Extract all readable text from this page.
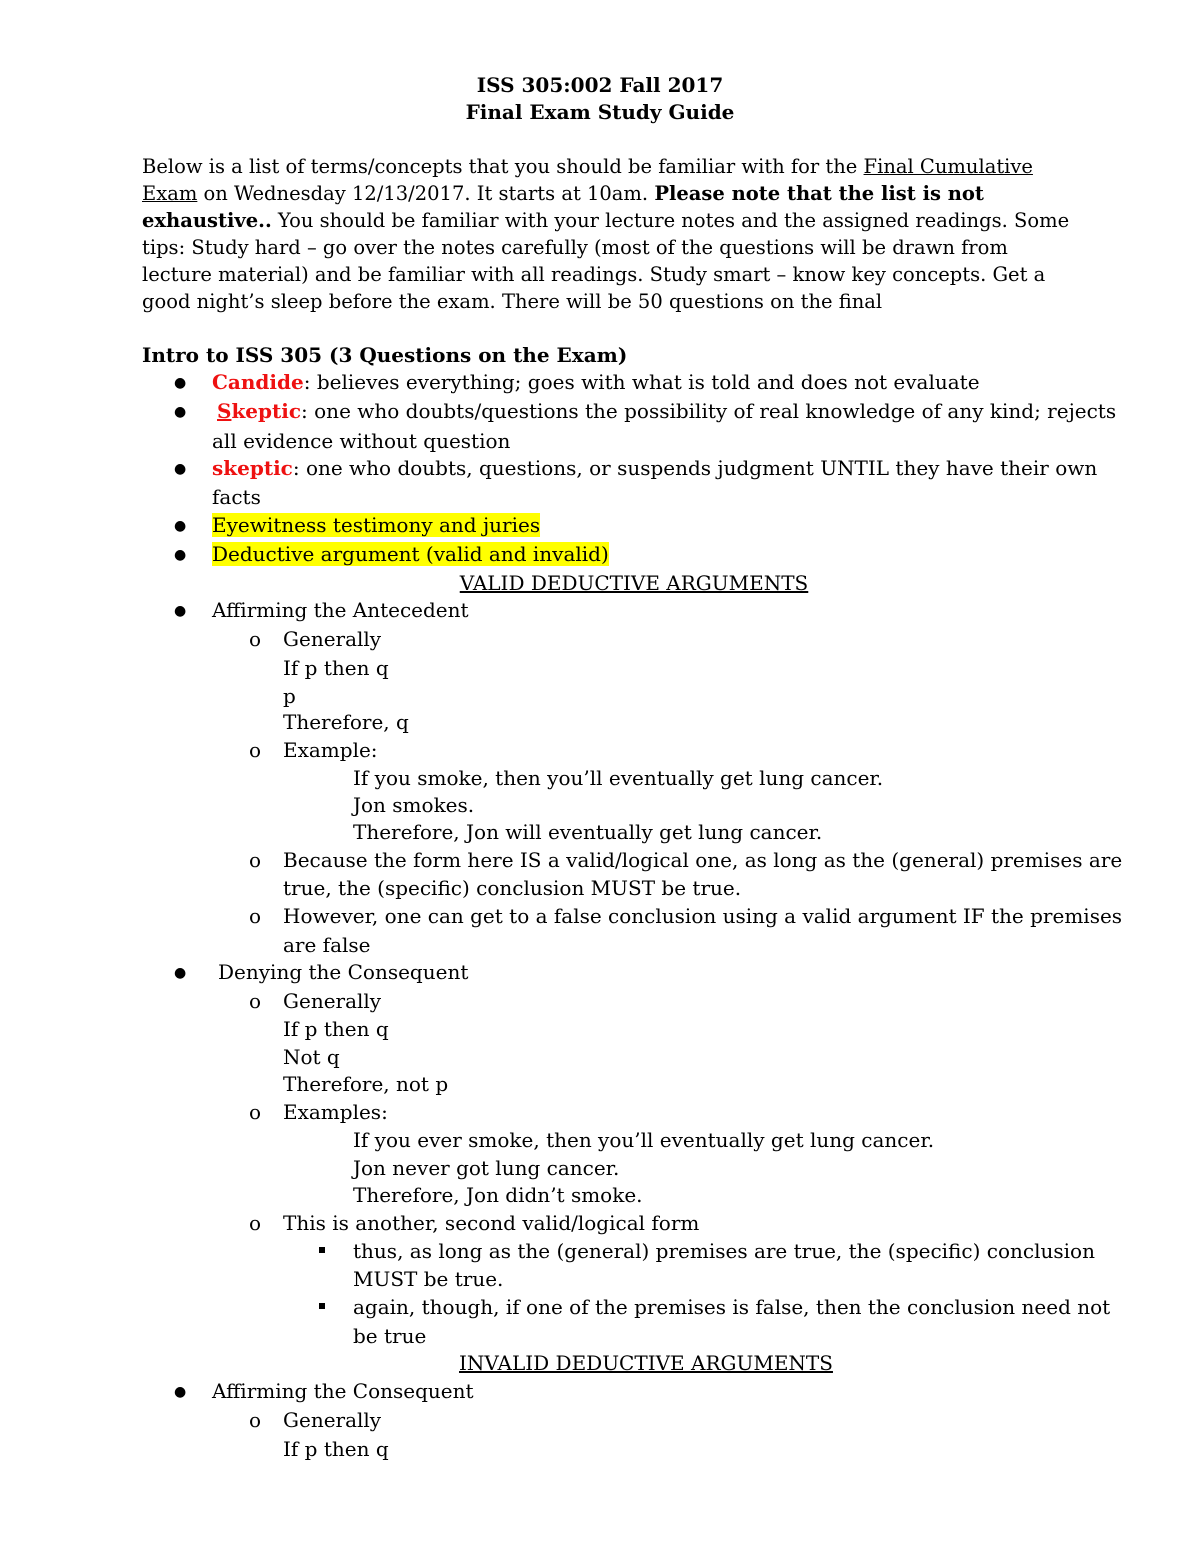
ISS 305:002 Fall 2017
Final Exam Study Guide

Below is a list of terms/concepts that you should be familiar with for the Final Cumulative Exam on Wednesday 12/13/2017. It starts at 10am. Please note that the list is not exhaustive.. You should be familiar with your lecture notes and the assigned readings. Some tips: Study hard – go over the notes carefully (most of the questions will be drawn from lecture material) and be familiar with all readings. Study smart – know key concepts. Get a good night’s sleep before the exam. There will be 50 questions on the final

Intro to ISS 305 (3 Questions on the Exam)
● Candide: believes everything; goes with what is told and does not evaluate
● Skeptic: one who doubts/questions the possibility of real knowledge of any kind; rejects
all evidence without question
● skeptic: one who doubts, questions, or suspends judgment UNTIL they have their own
facts
● Eyewitness testimony and juries
● Deductive argument (valid and invalid)
VALID DEDUCTIVE ARGUMENTS
● Affirming the Antecedent
o Generally
If p then q
p
Therefore, q
o Example:
If you smoke, then you’ll eventually get lung cancer.
Jon smokes.
Therefore, Jon will eventually get lung cancer.
o Because the form here IS a valid/logical one, as long as the (general) premises are
true, the (specific) conclusion MUST be true.
o However, one can get to a false conclusion using a valid argument IF the premises
are false
● Denying the Consequent
o Generally
If p then q
Not q
Therefore, not p
o Examples:
If you ever smoke, then you’ll eventually get lung cancer.
Jon never got lung cancer.
Therefore, Jon didn’t smoke.
o This is another, second valid/logical form
thus, as long as the (general) premises are true, the (specific) conclusion
MUST be true.
again, though, if one of the premises is false, then the conclusion need not
be true
INVALID DEDUCTIVE ARGUMENTS
● Affirming the Consequent
o Generally
If p then q
